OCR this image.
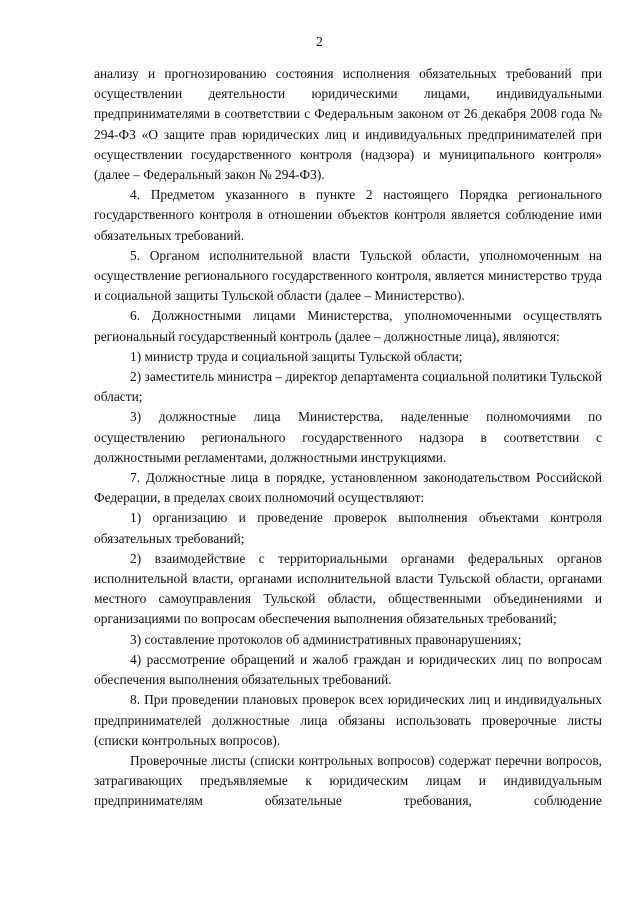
2

анализу и прогнозированию состояния исполнения обязательных требований при осуществлении деятельности юридическими лицами, индивидуальными предпринимателями в соответствии с Федеральным законом от 26 декабря 2008 года № 294-ФЗ «О защите прав юридических лиц и индивидуальных предпринимателей при осуществлении государственного контроля (надзора) и муниципального контроля» (далее – Федеральный закон № 294-ФЗ).

4. Предметом указанного в пункте 2 настоящего Порядка регионального государственного контроля в отношении объектов контроля является соблюдение ими обязательных требований.

5. Органом исполнительной власти Тульской области, уполномоченным на осуществление регионального государственного контроля, является министерство труда и социальной защиты Тульской области (далее – Министерство).

6. Должностными лицами Министерства, уполномоченными осуществлять региональный государственный контроль (далее – должностные лица), являются:

1) министр труда и социальной защиты Тульской области;

2) заместитель министра – директор департамента социальной политики Тульской области;

3) должностные лица Министерства, наделенные полномочиями по осуществлению регионального государственного надзора в соответствии с должностными регламентами, должностными инструкциями.

7. Должностные лица в порядке, установленном законодательством Российской Федерации, в пределах своих полномочий осуществляют:

1) организацию и проведение проверок выполнения объектами контроля обязательных требований;

2) взаимодействие с территориальными органами федеральных органов исполнительной власти, органами исполнительной власти Тульской области, органами местного самоуправления Тульской области, общественными объединениями и организациями по вопросам обеспечения выполнения обязательных требований;

3) составление протоколов об административных правонарушениях;

4) рассмотрение обращений и жалоб граждан и юридических лиц по вопросам обеспечения выполнения обязательных требований.

8. При проведении плановых проверок всех юридических лиц и индивидуальных предпринимателей должностные лица обязаны использовать проверочные листы (списки контрольных вопросов).

Проверочные листы (списки контрольных вопросов) содержат перечни вопросов, затрагивающих предъявляемые к юридическим лицам и индивидуальным предпринимателям обязательные требования, соблюдение
